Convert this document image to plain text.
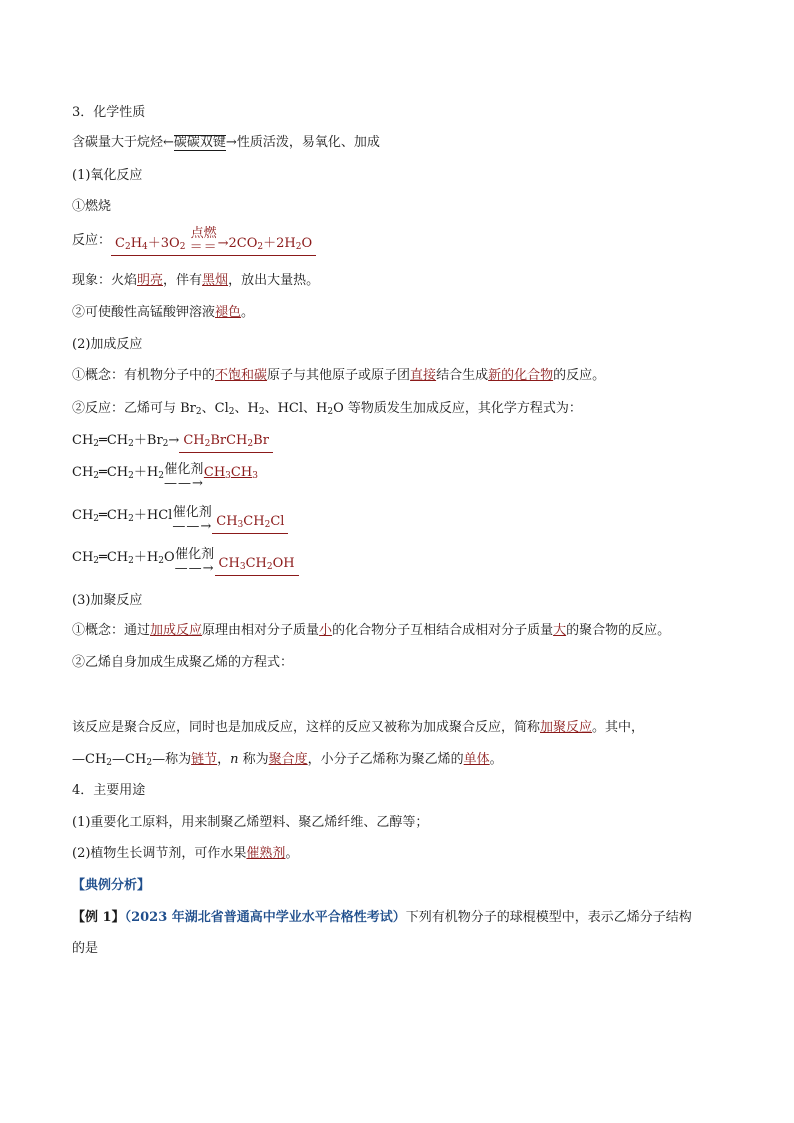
3．化学性质
含碳量大于烷烃←碳碳双键→性质活泼，易氧化、加成
(1)氧化反应
①燃烧
反应： $C_2H_4+3O_2$
点燃
＝＝ $\to 2CO_2+2H_2O$
现象：火焰明亮，伴有黑烟，放出大量热。
②可使酸性高锰酸钾溶液褪色。
(2)加成反应
①概念：有机物分子中的不饱和碳原子与其他原子或原子团直接结合生成新的化合物的反应。
②反应：乙烯可与 $Br_2$、$Cl_2$、$H_2$、HCl、$H_2O$ 等物质发生加成反应，其化学方程式为：
$CH_2═CH_2+Br_2\to$ $CH_2BrCH_2Br$
$CH_2═CH_2+H_2$ 催化剂
——→
$CH_3CH_3$
$CH_2═CH_2+HCl$ 催化剂
——→ $CH_3CH_2Cl$
$CH_2═CH_2+H_2O$ 催化剂
——→ $CH_3CH_2OH$
(3)加聚反应
①概念：通过加成反应原理由相对分子质量小的化合物分子互相结合成相对分子质量大的聚合物的反应。
②乙烯自身加成生成聚乙烯的方程式：
该反应是聚合反应，同时也是加成反应，这样的反应又被称为加成聚合反应，简称加聚反应。其中，
$—CH_2—CH_2—$称为链节，n 称为聚合度，小分子乙烯称为聚乙烯的单体。
4．主要用途
(1)重要化工原料，用来制聚乙烯塑料、聚乙烯纤维、乙醇等；
(2)植物生长调节剂，可作水果催熟剂。
【典例分析】
【例 1】（2023 年湖北省普通高中学业水平合格性考试）下列有机物分子的球棍模型中，表示乙烯分子结构
的是
